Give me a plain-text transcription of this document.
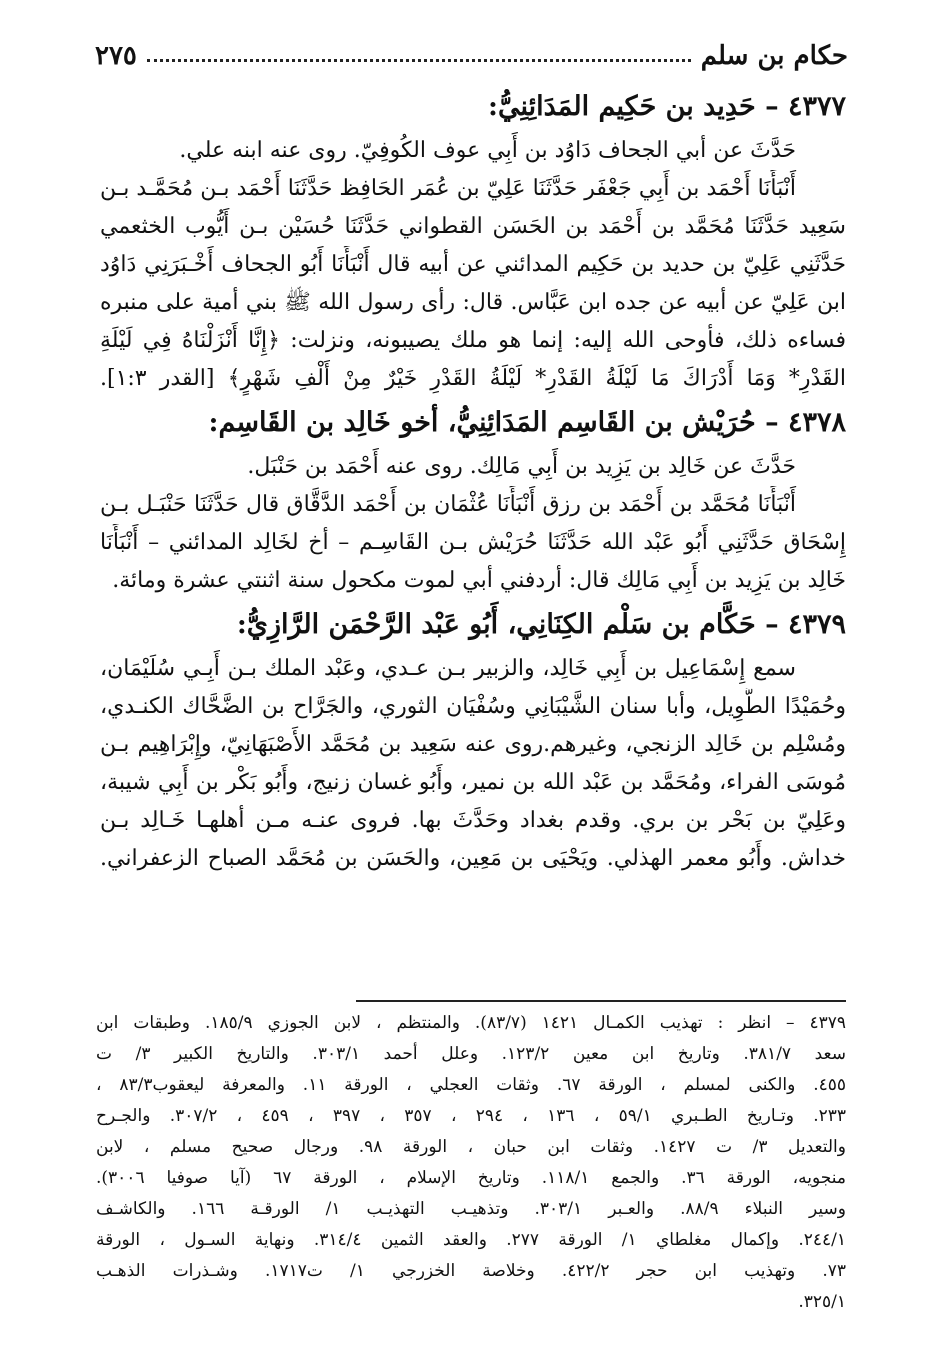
حكام بن سلم
٢٧٥
٤٣٧٧ – حَدِيد بن حَكِيم المَدَائِنِيُّ:
حَدَّثَ عن أبي الجحاف دَاوُد بن أَبِي عوف الكُوفِيّ. روى عنه ابنه علي.
أَنْبَأَنَا أَحْمَد بن أَبِي جَعْفَر حَدَّثَنَا عَلِيّ بن عُمَر الحَافِظ حَدَّثَنَا أَحْمَد بـن مُحَمَّـد بـن
سَعِيد حَدَّثَنَا مُحَمَّد بن أَحْمَد بن الحَسَن القطواني حَدَّثَنَا حُسَيْن بـن أَيُّوب الخثعمي
حَدَّثَنِي عَلِيّ بن حديد بن حَكِيم المدائني عن أبيه قال أَنْبَأَنَا أَبُو الجحاف أَخْـبَرَنِي دَاوُد
ابن عَلِيّ عن أبيه عن جده ابن عَبَّاس. قال: رأى رسول الله ﷺ بني أمية على منبره
فساءه ذلك، فأوحى الله إليه: إنما هو ملك يصيبونه، ونزلت: ﴿إِنَّا أَنْزَلْنَاهُ فِي لَيْلَةِ
القَدْرِ* وَمَا أَدْرَاكَ مَا لَيْلَةُ القَدْرِ* لَيْلَةُ القَدْرِ خَيْرٌ مِنْ أَلْفِ شَهْرٍ﴾ [القدر ١:٣].
٤٣٧٨ – حُرَيْش بن القَاسِم المَدَائِنِيُّ، أخو خَالِد بن القَاسِم:
حَدَّثَ عن خَالِد بن يَزِيد بن أَبِي مَالِك. روى عنه أَحْمَد بن حَنْبَل.
أَنْبَأَنَا مُحَمَّد بن أَحْمَد بن رزق أَنْبَأَنَا عُثْمَان بن أَحْمَد الدَّقَّاق قال حَدَّثَنَا حَنْبَـل بـن
إِسْحَاق حَدَّثَنِي أَبُو عَبْد الله حَدَّثَنَا حُرَيْش بـن القَاسِـم – أخ لخَالِد المدائني – أَنْبَأَنَا
خَالِد بن يَزِيد بن أَبِي مَالِك قال: أردفني أبي لموت مكحول سنة اثنتي عشرة ومائة.
٤٣٧٩ – حَكَّام بن سَلْم الكِنَانِي، أَبُو عَبْد الرَّحْمَن الرَّازِيُّ:
سمع إِسْمَاعِيل بن أَبِي خَالِد، والزبير بـن عـدي، وعَبْد الملك بـن أَبِـي سُلَيْمَان،
وحُمَيْدًا الطَّوِيل، وأبا سنان الشَّيْبَانِي وسُفْيَان الثوري، والجَرَّاح بن الضَّحَّاك الكنـدي،
ومُسْلِم بن خَالِد الزنجي، وغيرهم.روى عنه سَعِيد بن مُحَمَّد الأَصْبَهَانِيّ، وإِبْرَاهِيم بـن
مُوسَى الفراء، ومُحَمَّد بن عَبْد الله بن نمير، وأَبُو غسان زنيج، وأَبُو بَكْر بن أَبِي شيبة،
وعَلِيّ بن بَحْر بن بري. وقدم بغداد وحَدَّثَ بها. فروى عنـه مـن أهلهـا خَـالِد بـن
خداش. وأَبُو معمر الهذلي. ويَحْيَى بن مَعِين، والحَسَن بن مُحَمَّد الصباح الزعفراني.
٤٣٧٩ – انظر : تهذيب الكمـال ١٤٢١ (٨٣/٧). والمنتظم ، لابن الجوزي ١٨٥/٩. وطبقات ابن
سعد ٣٨١/٧. وتاريخ ابن معين ١٢٣/٢. وعلل أحمد ٣٠٣/١. والتاريخ الكبير ٣/ ت
٤٥٥. والكنى لمسلم ، الورقة ٦٧. وثقات العجلي ، الورقة ١١. والمعرفة ليعقوب٨٣/٣ ،
٢٣٣. وتـاريخ الطـبري ٥٩/١ ، ١٣٦ ، ٢٩٤ ، ٣٥٧ ، ٣٩٧ ، ٤٥٩ ، ٣٠٧/٢. والجـرح
والتعديل ٣/ ت ١٤٢٧. وثقات ابن حبان ، الورقة ٩٨. ورجال صحيح مسلم ، لابن
منجويه، الورقة ٣٦. والجمع ١١٨/١. وتاريخ الإسلام ، الورقة ٦٧ (آيا صوفيا ٣٠٠٦).
وسير النبلاء ٨٨/٩. والعـبر ٣٠٣/١. وتذهيـب التهذيـب ١/ الورقـة ١٦٦. والكاشـف
٢٤٤/١. وإكمال مغلطاي ١/ الورقة ٢٧٧. والعقد الثمين ٣١٤/٤. ونهاية السـول ، الورقة
٧٣. وتهذيب ابن حجر ٤٢٢/٢. وخلاصة الخزرجي ١/ ت١٧١٧. وشـذرات الذهـب
٣٢٥/١.
